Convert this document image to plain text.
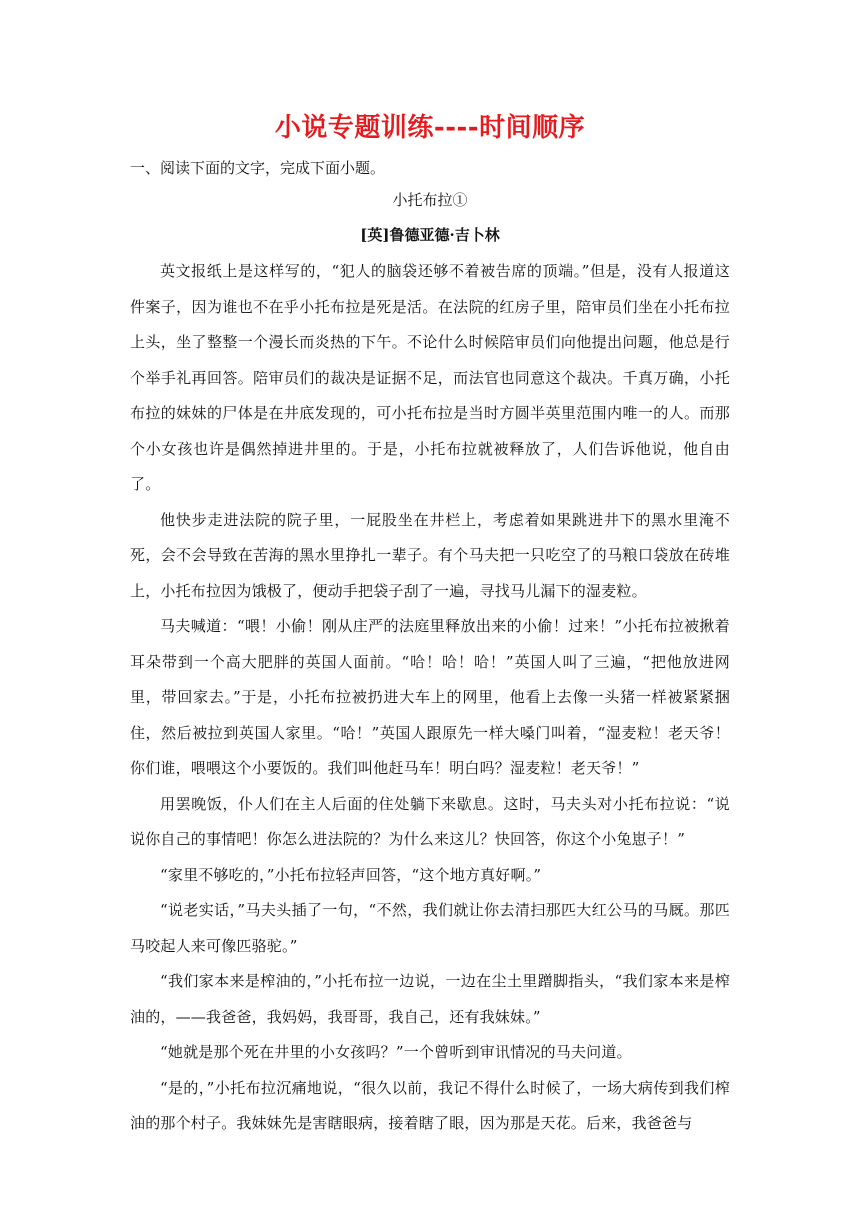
小说专题训练----时间顺序
一、阅读下面的文字，完成下面小题。
小托布拉①
[英]鲁德亚德·吉卜林

英文报纸上是这样写的，“犯人的脑袋还够不着被告席的顶端。”但是，没有人报道这件案子，因为谁也不在乎小托布拉是死是活。在法院的红房子里，陪审员们坐在小托布拉上头，坐了整整一个漫长而炎热的下午。不论什么时候陪审员们向他提出问题，他总是行个举手礼再回答。陪审员们的裁决是证据不足，而法官也同意这个裁决。千真万确，小托布拉的妹妹的尸体是在井底发现的，可小托布拉是当时方圆半英里范围内唯一的人。而那个小女孩也许是偶然掉进井里的。于是，小托布拉就被释放了，人们告诉他说，他自由了。

他快步走进法院的院子里，一屁股坐在井栏上，考虑着如果跳进井下的黑水里淹不死，会不会导致在苦海的黑水里挣扎一辈子。有个马夫把一只吃空了的马粮口袋放在砖堆上，小托布拉因为饿极了，便动手把袋子刮了一遍，寻找马儿漏下的湿麦粒。

马夫喊道：“喂！小偷！刚从庄严的法庭里释放出来的小偷！过来！”小托布拉被揪着耳朵带到一个高大肥胖的英国人面前。“哈！哈！哈！”英国人叫了三遍，“把他放进网里，带回家去。”于是，小托布拉被扔进大车上的网里，他看上去像一头猪一样被紧紧捆住，然后被拉到英国人家里。“哈！”英国人跟原先一样大嗓门叫着，“湿麦粒！老天爷！你们谁，喂喂这个小要饭的。我们叫他赶马车！明白吗？湿麦粒！老天爷！”

用罢晚饭，仆人们在主人后面的住处躺下来歇息。这时，马夫头对小托布拉说：“说说你自己的事情吧！你怎么进法院的？为什么来这儿？快回答，你这个小兔崽子！”

“家里不够吃的，”小托布拉轻声回答，“这个地方真好啊。”

“说老实话，”马夫头插了一句，“不然，我们就让你去清扫那匹大红公马的马厩。那匹马咬起人来可像匹骆驼。”

“我们家本来是榨油的，”小托布拉一边说，一边在尘土里蹭脚指头，“我们家本来是榨油的，——我爸爸，我妈妈，我哥哥，我自己，还有我妹妹。”

“她就是那个死在井里的小女孩吗？”一个曾听到审讯情况的马夫问道。

“是的，”小托布拉沉痛地说，“很久以前，我记不得什么时候了，一场大病传到我们榨油的那个村子。我妹妹先是害瞎眼病，接着瞎了眼，因为那是天花。后来，我爸爸与
